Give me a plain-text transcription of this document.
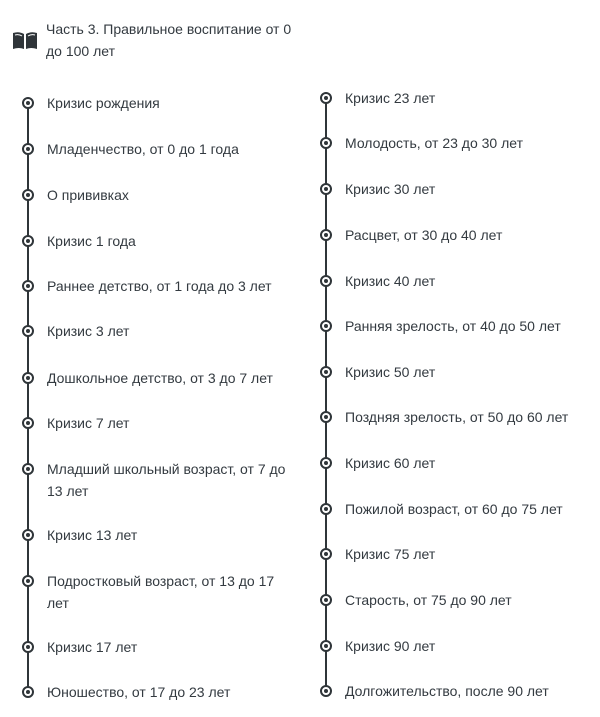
Часть 3. Правильное воспитание от 0 до 100 лет
Кризис рождения
Младенчество, от 0 до 1 года
О прививках
Кризис 1 года
Раннее детство, от 1 года до 3 лет
Кризис 3 лет
Дошкольное детство, от 3 до 7 лет
Кризис 7 лет
Младший школьный возраст, от 7 до 13 лет
Кризис 13 лет
Подростковый возраст, от 13 до 17 лет
Кризис 17 лет
Юношество, от 17 до 23 лет
Кризис 23 лет
Молодость, от 23 до 30 лет
Кризис 30 лет
Расцвет, от 30 до 40 лет
Кризис 40 лет
Ранняя зрелость, от 40 до 50 лет
Кризис 50 лет
Поздняя зрелость, от 50 до 60 лет
Кризис 60 лет
Пожилой возраст, от 60 до 75 лет
Кризис 75 лет
Старость, от 75 до 90 лет
Кризис 90 лет
Долгожительство, после 90 лет
